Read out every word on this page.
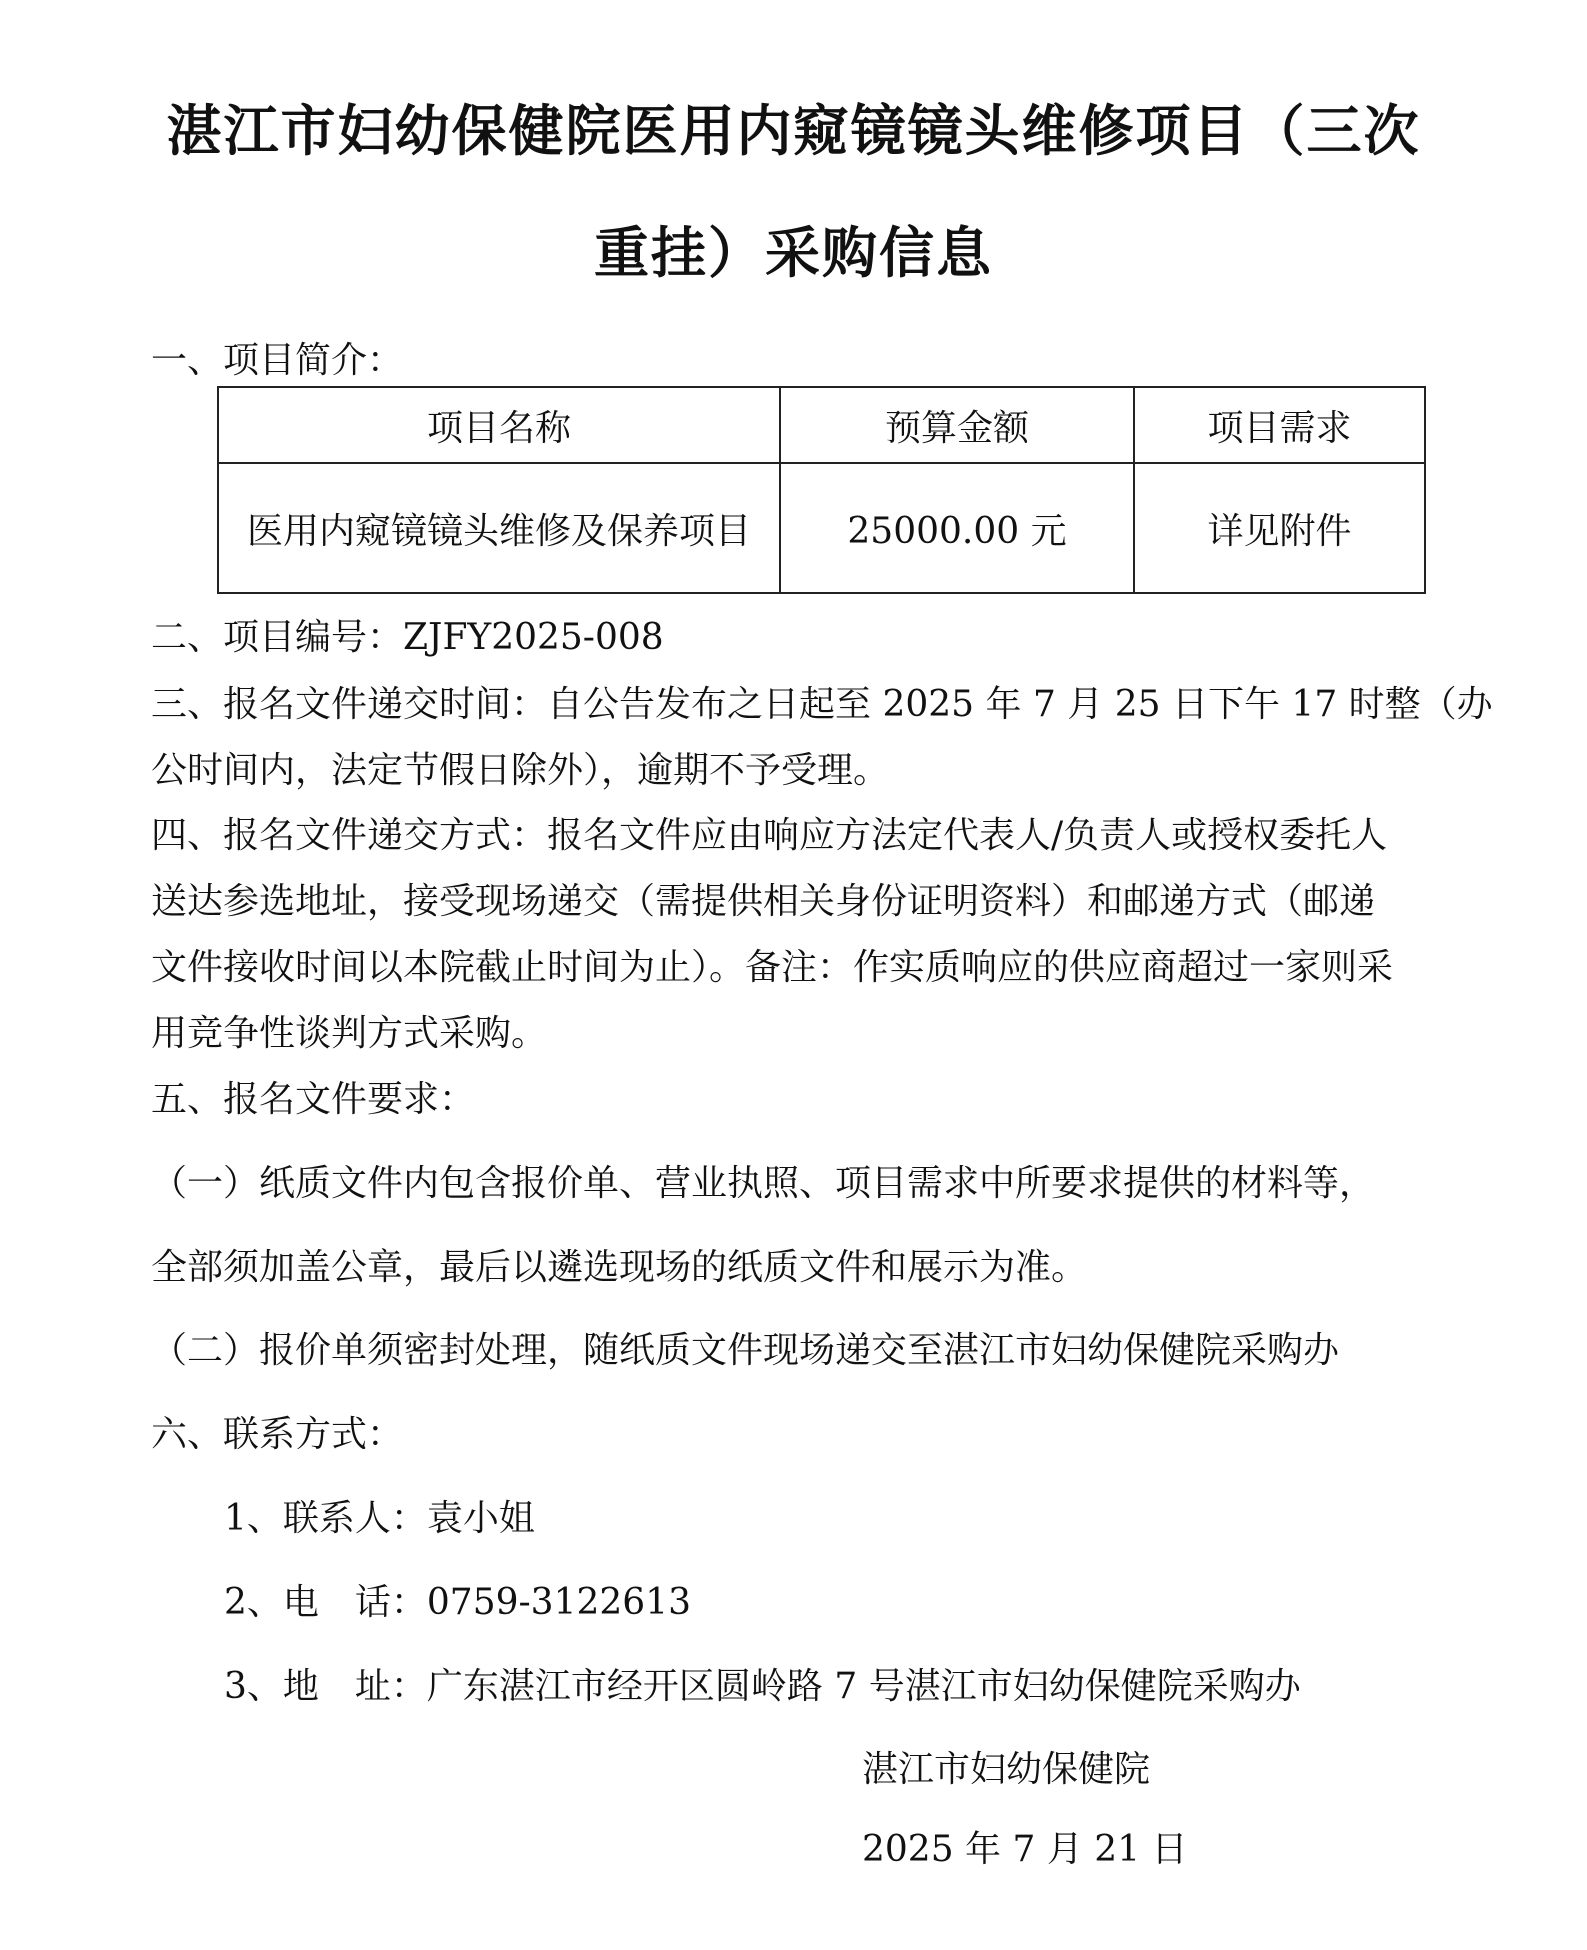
湛江市妇幼保健院医用内窥镜镜头维修项目（三次
重挂）采购信息

一、项目简介：

项目名称	预算金额	项目需求
医用内窥镜镜头维修及保养项目	25000.00 元	详见附件

二、项目编号：ZJFY2025-008

三、报名文件递交时间：自公告发布之日起至 2025 年 7 月 25 日下午 17 时整（办

公时间内，法定节假日除外），逾期不予受理。

四、报名文件递交方式：报名文件应由响应方法定代表人/负责人或授权委托人

送达参选地址，接受现场递交（需提供相关身份证明资料）和邮递方式（邮递

文件接收时间以本院截止时间为止）。备注：作实质响应的供应商超过一家则采

用竞争性谈判方式采购。

五、报名文件要求：

（一）纸质文件内包含报价单、营业执照、项目需求中所要求提供的材料等，

全部须加盖公章，最后以遴选现场的纸质文件和展示为准。

（二）报价单须密封处理，随纸质文件现场递交至湛江市妇幼保健院采购办

六、联系方式：

1、联系人：袁小姐

2、电　话：0759-3122613

3、地　址：广东湛江市经开区圆岭路 7 号湛江市妇幼保健院采购办

湛江市妇幼保健院

2025 年 7 月 21 日
